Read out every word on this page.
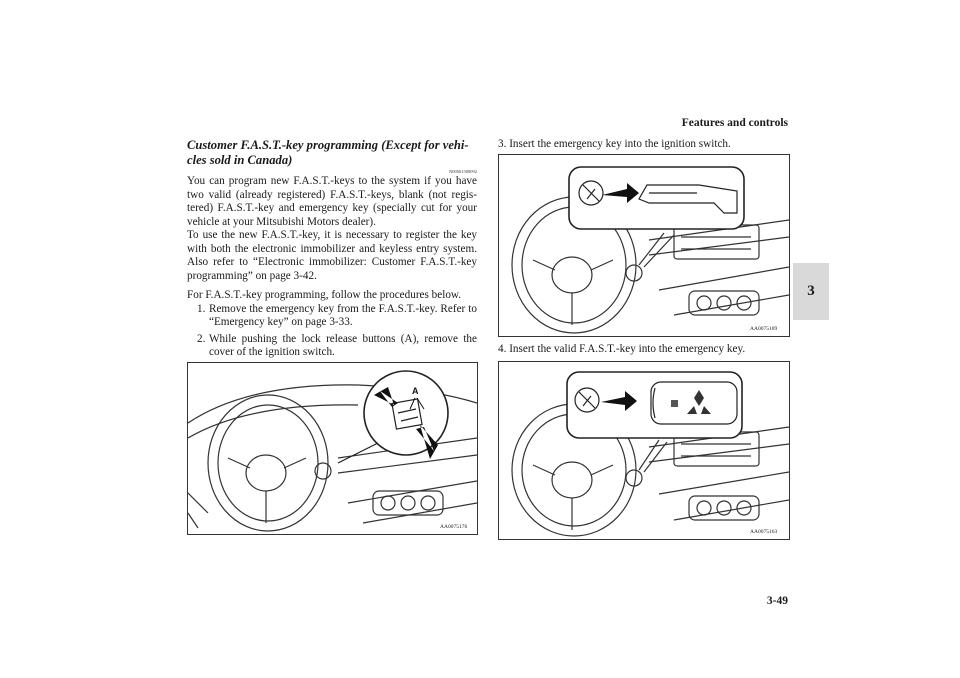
Features and controls
3
3-49
Customer F.A.S.T.-key programming (Except for vehi-cles sold in Canada)
N00561500092

You can program new F.A.S.T.-keys to the system if you have two valid (already registered) F.A.S.T.-keys, blank (not regis-tered) F.A.S.T.-key and emergency key (specially cut for your vehicle at your Mitsubishi Motors dealer).

To use the new F.A.S.T.-key, it is necessary to register the key with both the electronic immobilizer and keyless entry system. Also refer to “Electronic immobilizer: Customer F.A.S.T.-key programming” on page 3-42.

For F.A.S.T.-key programming, follow the procedures below.

1. Remove the emergency key from the F.A.S.T.-key. Refer to “Emergency key” on page 3-33.
2. While pushing the lock release buttons (A), remove the cover of the ignition switch.
A
AA0075176
3. Insert the emergency key into the ignition switch.
AA0075189
4. Insert the valid F.A.S.T.-key into the emergency key.
AA0075163
